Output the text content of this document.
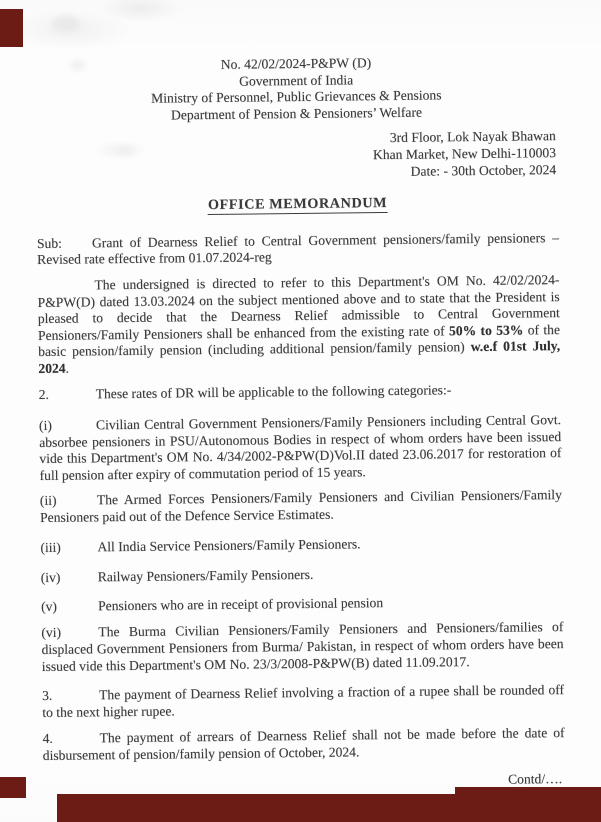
No. 42/02/2024-P&PW (D)
Government of India
Ministry of Personnel, Public Grievances & Pensions
Department of Pension & Pensioners’ Welfare
3rd Floor, Lok Nayak Bhawan
Khan Market, New Delhi-110003
Date: - 30th October, 2024
OFFICE MEMORANDUM

Sub: Grant of Dearness Relief to Central Government pensioners/family pensioners – Revised rate effective from 01.07.2024-reg

The undersigned is directed to refer to this Department's OM No. 42/02/2024-P&PW(D) dated 13.03.2024 on the subject mentioned above and to state that the President is pleased to decide that the Dearness Relief admissible to Central Government Pensioners/Family Pensioners shall be enhanced from the existing rate of 50% to 53% of the basic pension/family pension (including additional pension/family pension) w.e.f 01st July, 2024.

2.	These rates of DR will be applicable to the following categories:-

(i)	Civilian Central Government Pensioners/Family Pensioners including Central Govt. absorbee pensioners in PSU/Autonomous Bodies in respect of whom orders have been issued vide this Department's OM No. 4/34/2002-P&PW(D)Vol.II dated 23.06.2017 for restoration of full pension after expiry of commutation period of 15 years.

(ii)	The Armed Forces Pensioners/Family Pensioners and Civilian Pensioners/Family Pensioners paid out of the Defence Service Estimates.

(iii)	All India Service Pensioners/Family Pensioners.

(iv)	Railway Pensioners/Family Pensioners.

(v)	Pensioners who are in receipt of provisional pension

(vi)	The Burma Civilian Pensioners/Family Pensioners and Pensioners/families of displaced Government Pensioners from Burma/ Pakistan, in respect of whom orders have been issued vide this Department's OM No. 23/3/2008-P&PW(B) dated 11.09.2017.

3.	The payment of Dearness Relief involving a fraction of a rupee shall be rounded off to the next higher rupee.

4.	The payment of arrears of Dearness Relief shall not be made before the date of disbursement of pension/family pension of October, 2024.

Contd/….
